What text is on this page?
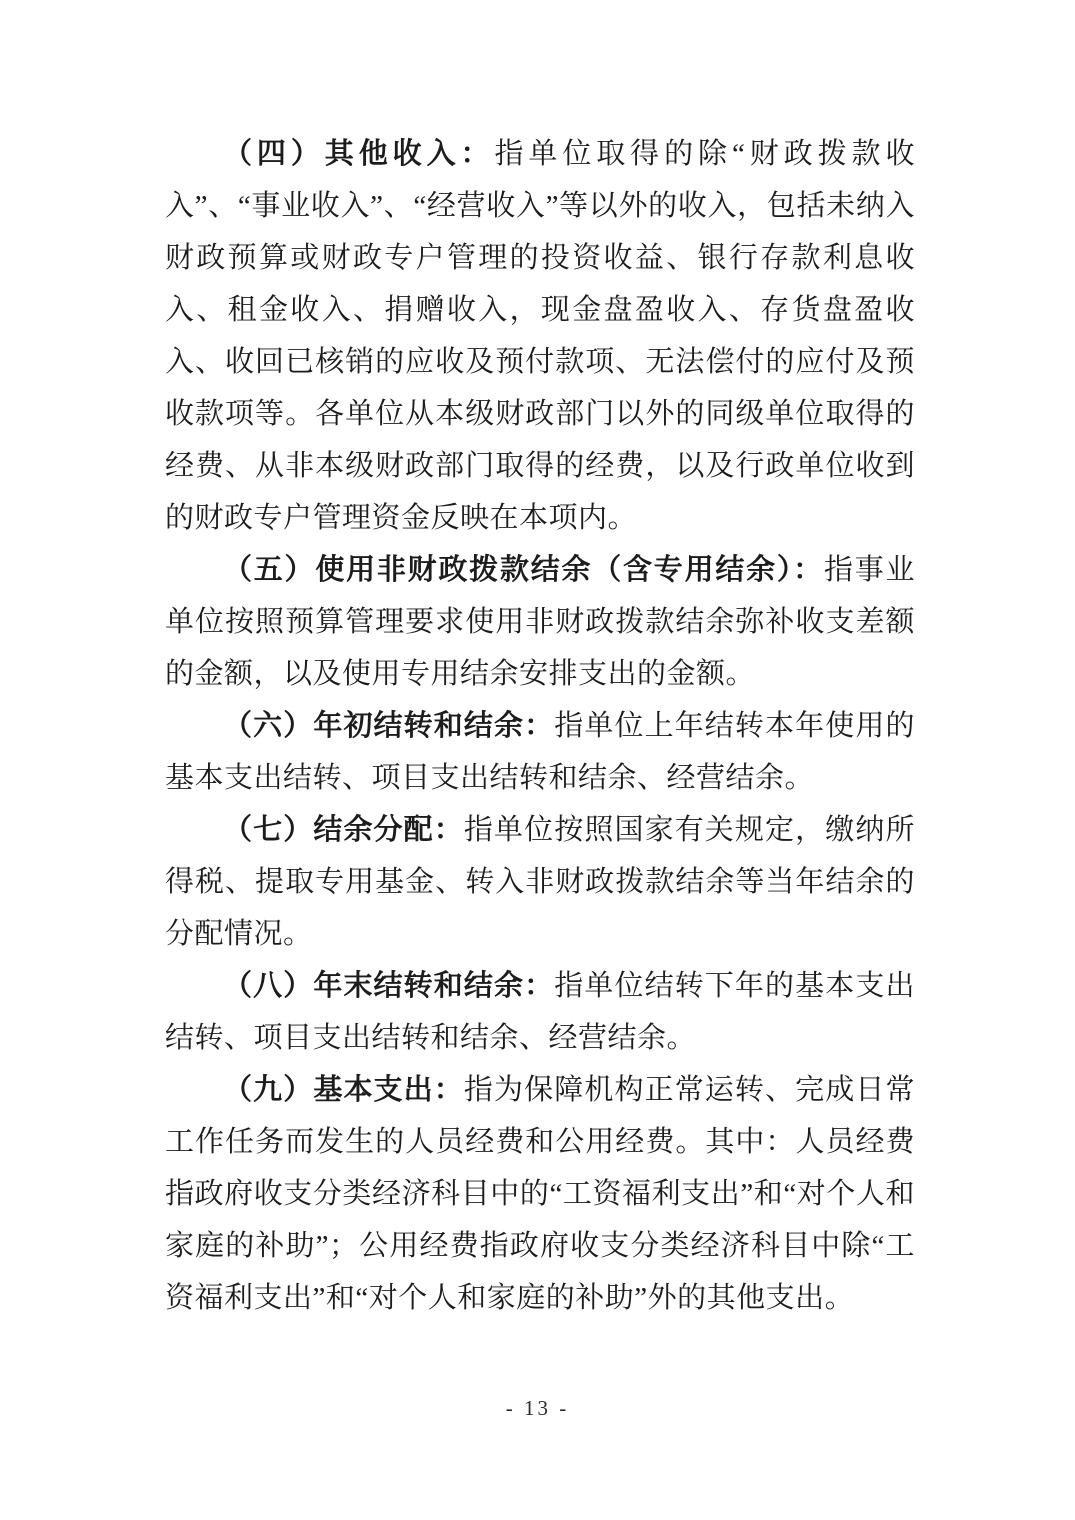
（四）其他收入：指单位取得的除“财政拨款收入”、“事业收入”、“经营收入”等以外的收入，包括未纳入财政预算或财政专户管理的投资收益、银行存款利息收入、租金收入、捐赠收入，现金盘盈收入、存货盘盈收入、收回已核销的应收及预付款项、无法偿付的应付及预收款项等。各单位从本级财政部门以外的同级单位取得的经费、从非本级财政部门取得的经费，以及行政单位收到的财政专户管理资金反映在本项内。

（五）使用非财政拨款结余（含专用结余）：指事业单位按照预算管理要求使用非财政拨款结余弥补收支差额的金额，以及使用专用结余安排支出的金额。

（六）年初结转和结余：指单位上年结转本年使用的基本支出结转、项目支出结转和结余、经营结余。

（七）结余分配：指单位按照国家有关规定，缴纳所得税、提取专用基金、转入非财政拨款结余等当年结余的分配情况。

（八）年末结转和结余：指单位结转下年的基本支出结转、项目支出结转和结余、经营结余。

（九）基本支出：指为保障机构正常运转、完成日常工作任务而发生的人员经费和公用经费。其中：人员经费指政府收支分类经济科目中的“工资福利支出”和“对个人和家庭的补助”；公用经费指政府收支分类经济科目中除“工资福利支出”和“对个人和家庭的补助”外的其他支出。

- 13 -
